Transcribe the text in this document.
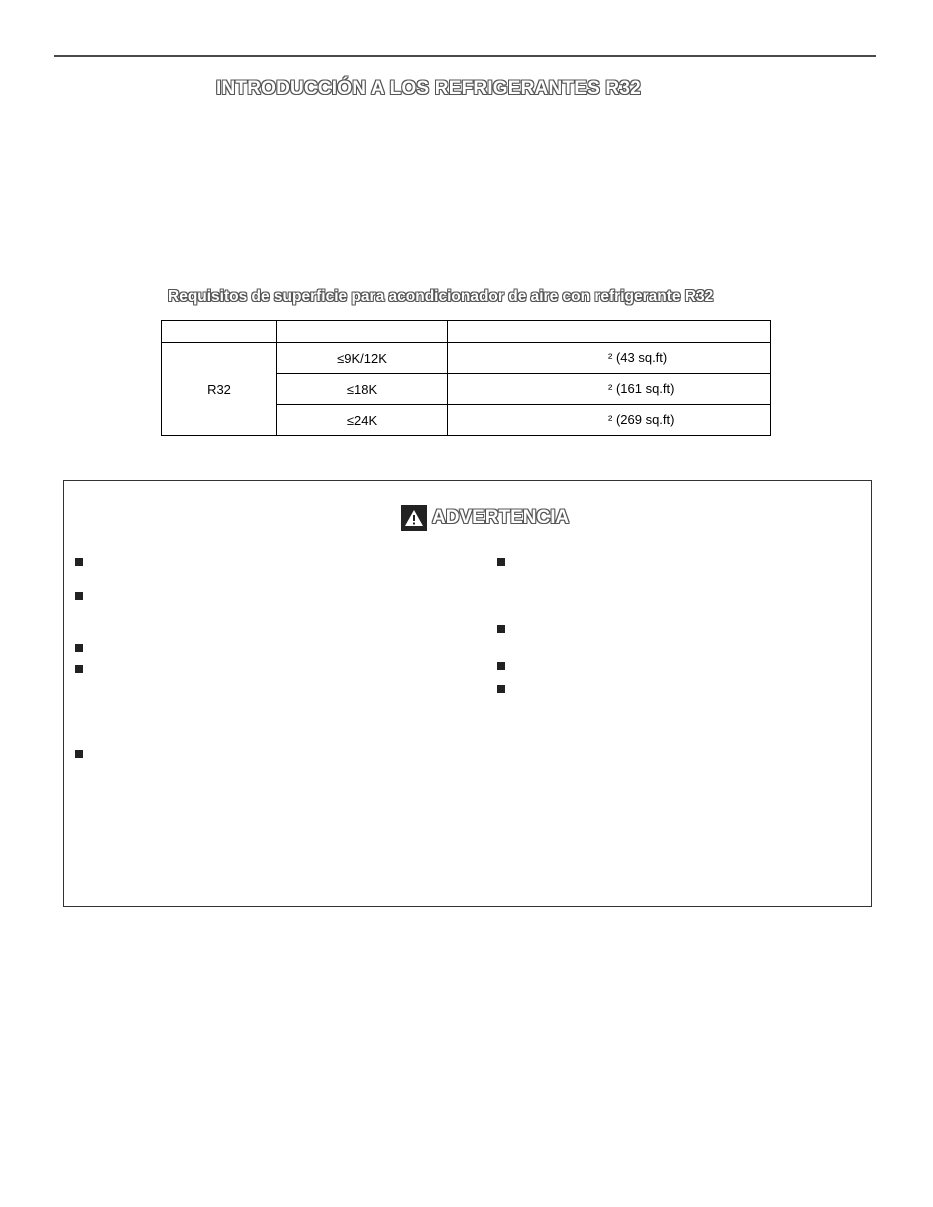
INTRODUCCIÓN A LOS REFRIGERANTES R32
Requisitos de superficie para acondicionador de aire con refrigerante R32

R32	≤9K/12K	² (43 sq.ft)

	≤18K	² (161 sq.ft)

	≤24K	² (269 sq.ft)
ADVERTENCIA
